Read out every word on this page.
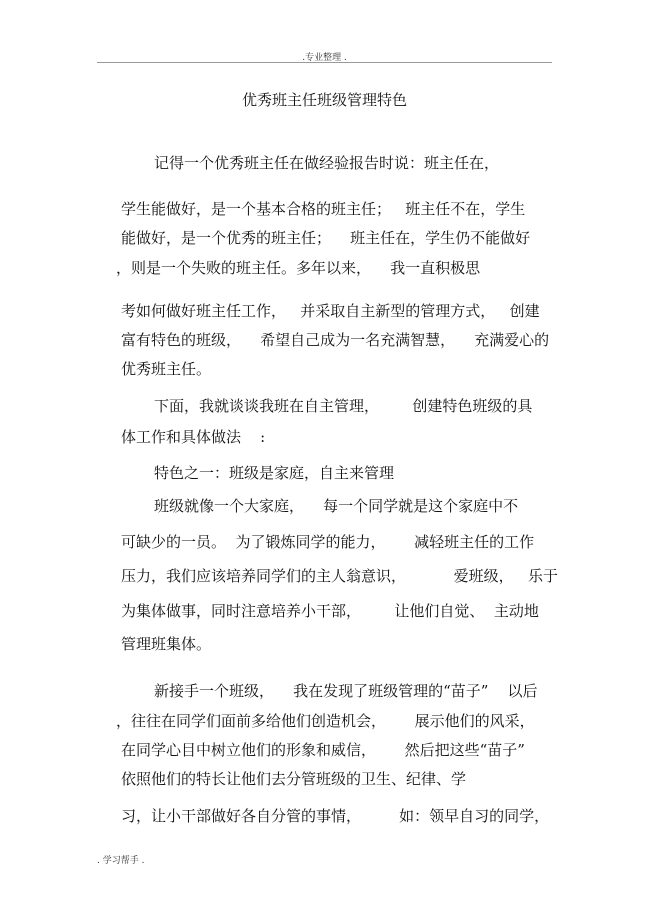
.专业整理 .
优秀班主任班级管理特色
记得一个优秀班主任在做经验报告时说：班主任在，
学生能做好，是一个基本合格的班主任；   班主任不在，学生
能做好，是一个优秀的班主任；    班主任在，学生仍不能做好
，则是一个失败的班主任。多年以来，    我一直积极思
考如何做好班主任工作，   并采取自主新型的管理方式，   创建
富有特色的班级，    希望自己成为一名充满智慧，    充满爱心的
优秀班主任。
下面，我就谈谈我班在自主管理，       创建特色班级的具
体工作和具体做法    :
特色之一：班级是家庭，自主来管理
班级就像一个大家庭，    每一个同学就是这个家庭中不
可缺少的一员。  为了锻炼同学的能力，      减轻班主任的工作
压力，我们应该培养同学们的主人翁意识，          爱班级，   乐于
为集体做事，同时注意培养小干部，       让他们自觉、  主动地
管理班集体。
新接手一个班级，    我在发现了班级管理的“苗子”    以后
，往往在同学们面前多给他们创造机会，      展示他们的风采，
在同学心目中树立他们的形象和威信，      然后把这些“苗子”
依照他们的特长让他们去分管班级的卫生、纪律、学
习，让小干部做好各自分管的事情，        如：领早自习的同学，
. 学习帮手 .
